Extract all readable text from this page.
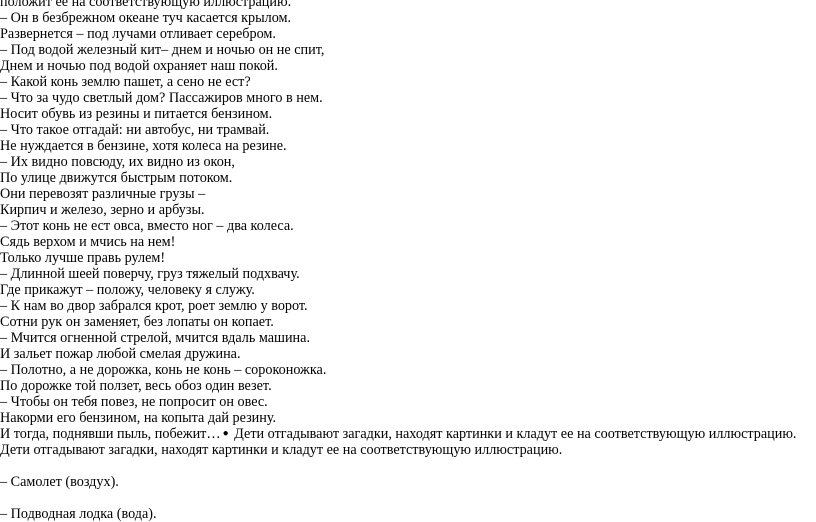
положит ее на соответствующую иллюстрацию.
– Он в безбрежном океане туч касается крылом.
Развернется – под лучами отливает серебром.
– Под водой железный кит– днем и ночью он не спит,
Днем и ночью под водой охраняет наш покой.
– Какой конь землю пашет, а сено не ест?
– Что за чудо светлый дом? Пассажиров много в нем.
Носит обувь из резины и питается бензином.
– Что такое отгадай: ни автобус, ни трамвай.
Не нуждается в бензине, хотя колеса на резине.
– Их видно повсюду, их видно из окон,
По улице движутся быстрым потоком.
Они перевозят различные грузы –
Кирпич и железо, зерно и арбузы.
– Этот конь не ест овса, вместо ног – два колеса.
Сядь верхом и мчись на нем!
Только лучше правь рулем!
– Длинной шеей поверчу, груз тяжелый подхвачу.
Где прикажут – положу, человеку я служу.
– К нам во двор забрался крот, роет землю у ворот.
Сотни рук он заменяет, без лопаты он копает.
– Мчится огненной стрелой, мчится вдаль машина.
И зальет пожар любой смелая дружина.
– Полотно, а не дорожка, конь не конь – сороконожка.
По дорожке той ползет, весь обоз один везет.
– Чтобы он тебя повез, не попросит он овес.
Накорми его бензином, на копыта дай резину.
И тогда, поднявши пыль, побежит… ● Дети отгадывают загадки, находят картинки и кладут ее на соответствующую иллюстрацию.
Дети отгадывают загадки, находят картинки и кладут ее на соответствующую иллюстрацию.
– Самолет (воздух).
– Подводная лодка (вода).
